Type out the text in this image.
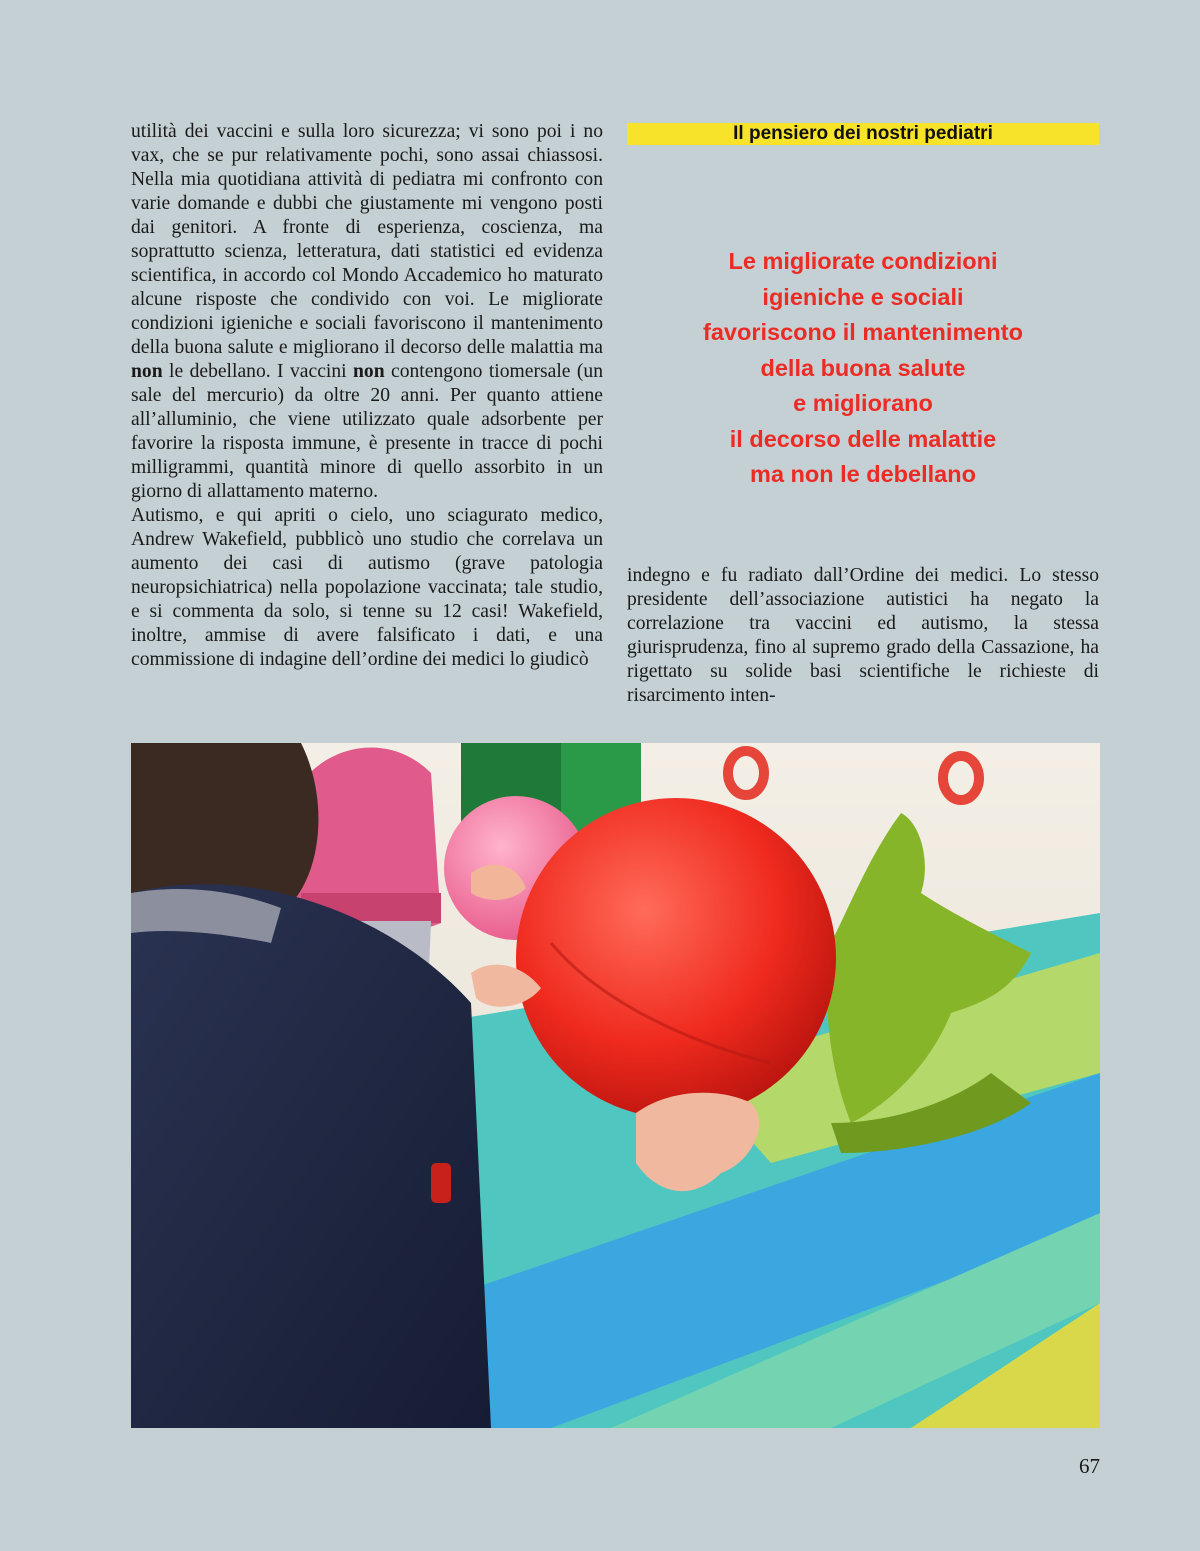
Il pensiero dei nostri pediatri

utilità dei vaccini e sulla loro sicurezza; vi sono poi i no vax, che se pur relativamente pochi, sono assai chiassosi. Nella mia quotidiana attività di pediatra mi confronto con varie domande e dubbi che giustamente mi vengono posti dai genitori. A fronte di esperienza, coscienza, ma soprattutto scienza, letteratura, dati statistici ed evidenza scientifica, in accordo col Mondo Accademico ho maturato alcune risposte che condivido con voi. Le migliorate condizioni igieniche e sociali favoriscono il mantenimento della buona salute e migliorano il decorso delle malattia ma non le debellano. I vaccini non contengono tiomersale (un sale del mercurio) da oltre 20 anni. Per quanto attiene all’alluminio, che viene utilizzato quale adsorbente per favorire la risposta immune, è presente in tracce di pochi milligrammi, quantità minore di quello assorbito in un giorno di allattamento materno.

Autismo, e qui apriti o cielo, uno sciagurato medico, Andrew Wakefield, pubblicò uno studio che correlava un aumento dei casi di autismo (grave patologia neuropsichiatrica) nella popolazione vaccinata; tale studio, e si commenta da solo, si tenne su 12 casi! Wakefield, inoltre, ammise di avere falsificato i dati, e una commissione di indagine dell’ordine dei medici lo giudicò

Le migliorate condizioni
igieniche e sociali
favoriscono il mantenimento
della buona salute
e migliorano
il decorso delle malattie
ma non le debellano

indegno e fu radiato dall’Ordine dei medici. Lo stesso presidente dell’associazione autistici ha negato la correlazione tra vaccini ed autismo, la stessa giurisprudenza, fino al supremo grado della Cassazione, ha rigettato su solide basi scientifiche le richieste di risarcimento inten-

67
